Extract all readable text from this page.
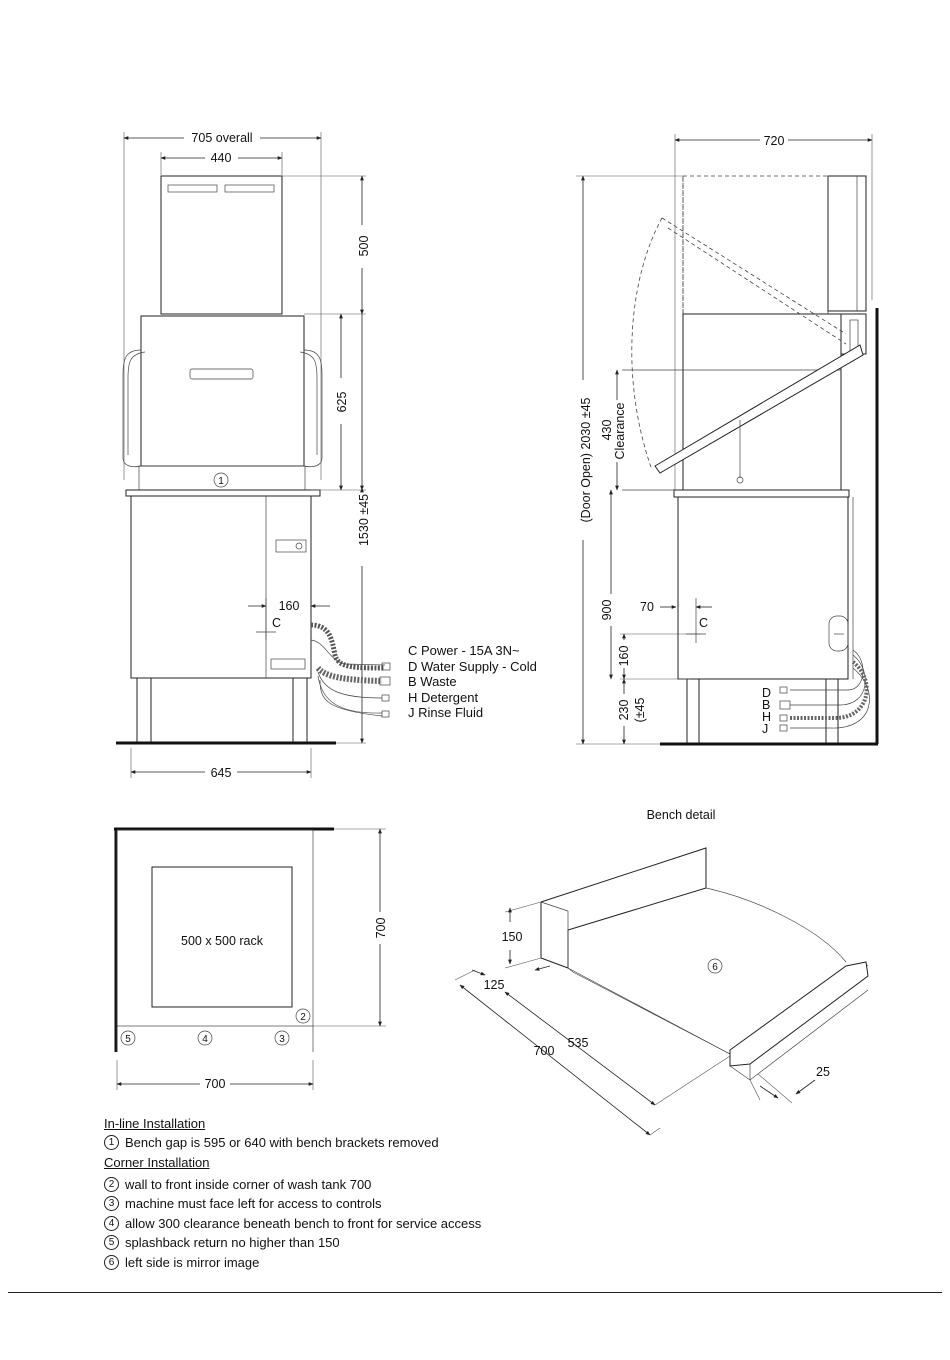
705 overall
440
1
645
500
625
1530 ±45
160
C
C Power - 15A 3N~
D Water Supply - Cold
B Waste
H Detergent
J Rinse Fluid
720
D
B
H
J
(Door Open) 2030 ±45 430 Clearance
900
160
230 (±45
70
C
500 x 500 rack
2
5	4	3
700
700
Bench detail
6
150
125
700
535
25
In-line Installation
1 Bench gap is 595 or 640 with bench brackets removed
Corner Installation
2 wall to front inside corner of wash tank 700
3 machine must face left for access to controls
4 allow 300 clearance beneath bench to front for service access
5 splashback return no higher than 150
6 left side is mirror image
